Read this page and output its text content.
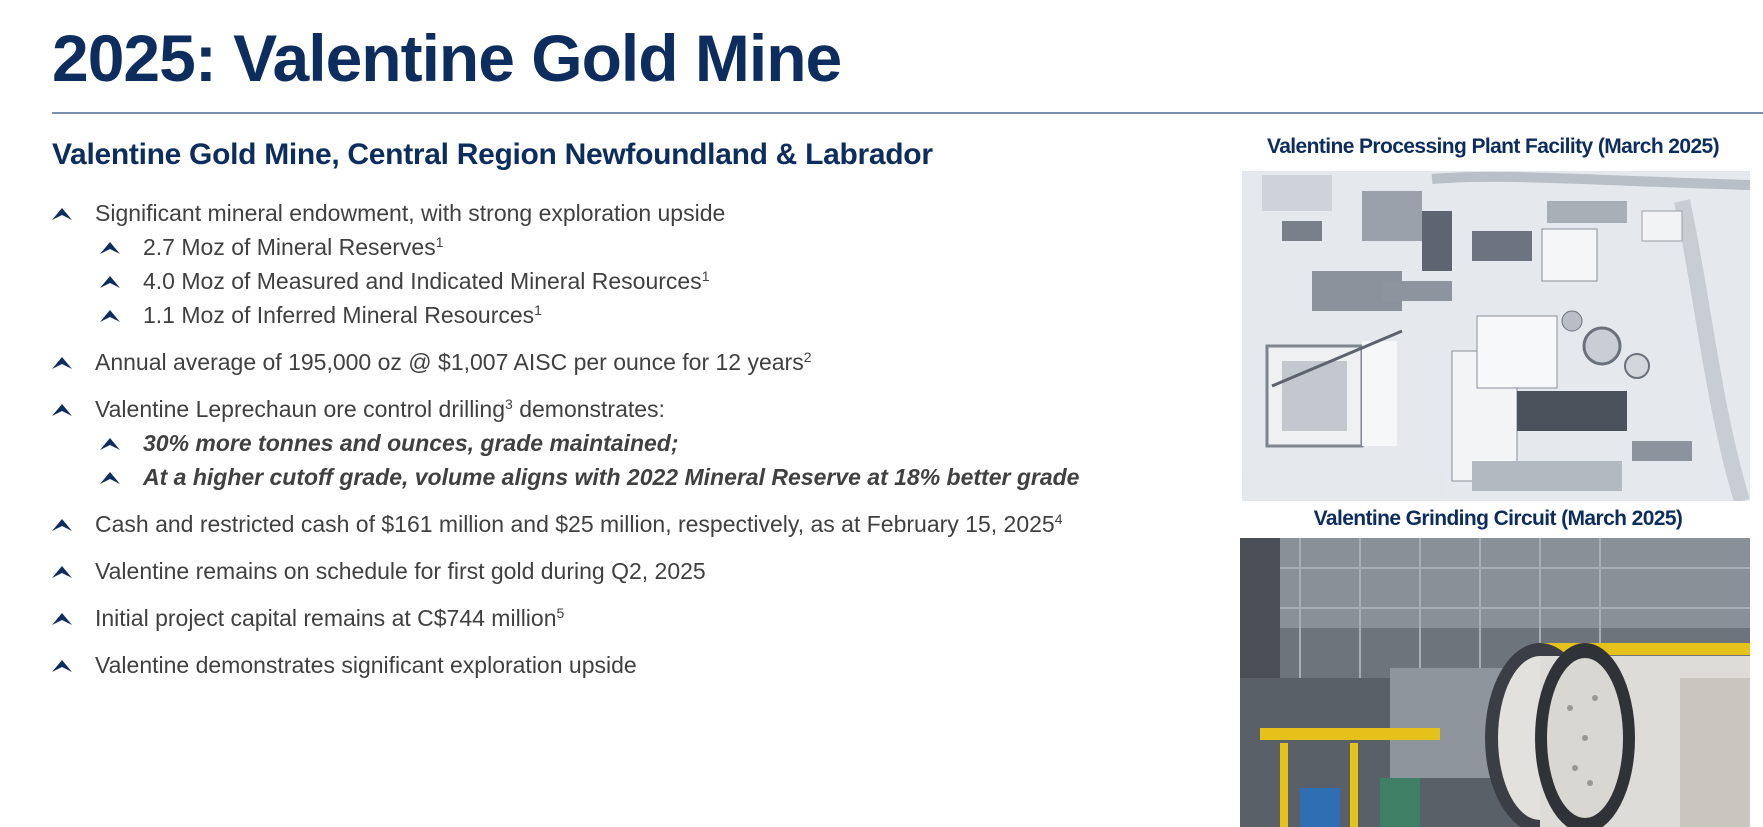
2025: Valentine Gold Mine
Valentine Gold Mine, Central Region Newfoundland & Labrador
Significant mineral endowment, with strong exploration upside
2.7 Moz of Mineral Reserves$^1$
4.0 Moz of Measured and Indicated Mineral Resources$^1$
1.1 Moz of Inferred Mineral Resources$^1$
Annual average of 195,000 oz @ $1,007 AISC per ounce for 12 years$^2$
Valentine Leprechaun ore control drilling$^3$ demonstrates:
30% more tonnes and ounces, grade maintained;
At a higher cutoff grade, volume aligns with 2022 Mineral Reserve at 18% better grade
Cash and restricted cash of $161 million and $25 million, respectively, as at February 15, 2025$^4$
Valentine remains on schedule for first gold during Q2, 2025
Initial project capital remains at C$744 million$^5$
Valentine demonstrates significant exploration upside

Valentine Processing Plant Facility (March 2025)

Valentine Grinding Circuit (March 2025)
